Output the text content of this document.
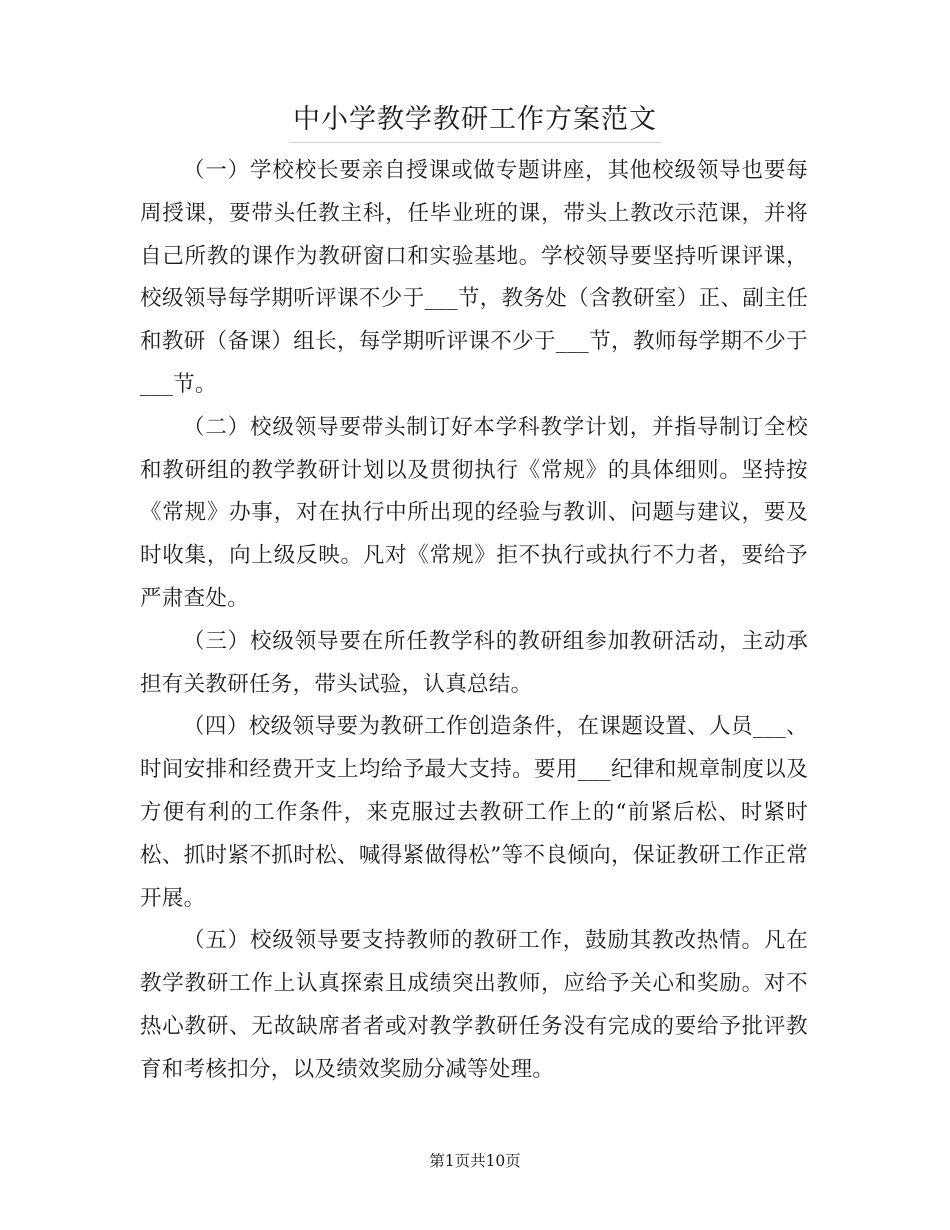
中小学教学教研工作方案范文

（一）学校校长要亲自授课或做专题讲座，其他校级领导也要每周授课，要带头任教主科，任毕业班的课，带头上教改示范课，并将自己所教的课作为教研窗口和实验基地。学校领导要坚持听课评课，校级领导每学期听评课不少于___节，教务处（含教研室）正、副主任和教研（备课）组长，每学期听评课不少于___节，教师每学期不少于___节。

（二）校级领导要带头制订好本学科教学计划，并指导制订全校和教研组的教学教研计划以及贯彻执行《常规》的具体细则。坚持按《常规》办事，对在执行中所出现的经验与教训、问题与建议，要及时收集，向上级反映。凡对《常规》拒不执行或执行不力者，要给予严肃查处。

（三）校级领导要在所任教学科的教研组参加教研活动，主动承担有关教研任务，带头试验，认真总结。

（四）校级领导要为教研工作创造条件，在课题设置、人员___、时间安排和经费开支上均给予最大支持。要用___纪律和规章制度以及方便有利的工作条件，来克服过去教研工作上的“前紧后松、时紧时松、抓时紧不抓时松、喊得紧做得松”等不良倾向，保证教研工作正常开展。

（五）校级领导要支持教师的教研工作，鼓励其教改热情。凡在教学教研工作上认真探索且成绩突出教师，应给予关心和奖励。对不热心教研、无故缺席者者或对教学教研任务没有完成的要给予批评教育和考核扣分，以及绩效奖励分减等处理。

第1页共10页
